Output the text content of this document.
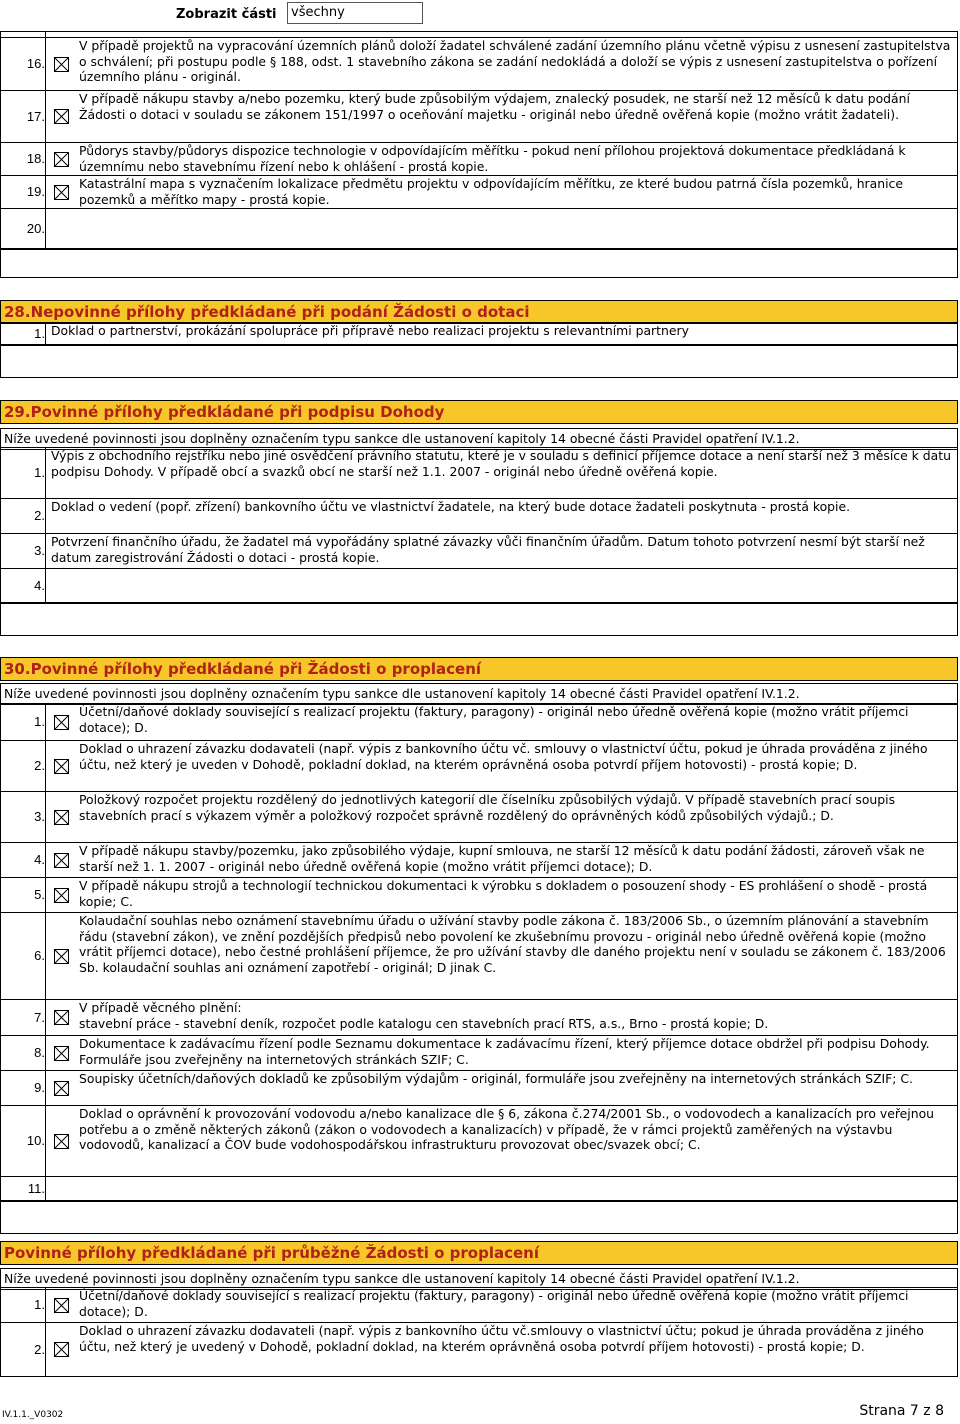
Zobrazit části	všechny
16.
V případě projektů na vypracování územních plánů doloží žadatel schválené zadání územního plánu včetně výpisu z usnesení zastupitelstva o schválení; při postupu podle § 188, odst. 1 stavebního zákona se zadání nedokládá a doloží se výpis z usnesení zastupitelstva o pořízení územního plánu - originál.
17.
V případě nákupu stavby a/nebo pozemku, který bude způsobilým výdajem, znalecký posudek, ne starší než 12 měsíců k datu podání Žádosti o dotaci v souladu se zákonem 151/1997 o oceňování majetku - originál nebo úředně ověřená kopie (možno vrátit žadateli).
18.
Půdorys stavby/půdorys dispozice technologie v odpovídajícím měřítku - pokud není přílohou projektová dokumentace předkládaná k územnímu nebo stavebnímu řízení nebo k ohlášení - prostá kopie.
19.
Katastrální mapa s vyznačením lokalizace předmětu projektu v odpovídajícím měřítku, ze které budou patrná čísla pozemků, hranice pozemků a měřítko mapy - prostá kopie.
20.
28.Nepovinné přílohy předkládané při podání Žádosti o dotaci
1. Doklad o partnerství, prokázání spolupráce při přípravě nebo realizaci projektu s relevantními partnery
29.Povinné přílohy předkládané při podpisu Dohody
Níže uvedené povinnosti jsou doplněny označením typu sankce dle ustanovení kapitoly 14 obecné části Pravidel opatření IV.1.2.
1.
Výpis z obchodního rejstříku nebo jiné osvědčení právního statutu, které je v souladu s definicí příjemce dotace a není starší než 3 měsíce k datu podpisu Dohody. V případě obcí a svazků obcí ne starší než 1.1. 2007 - originál nebo úředně ověřená kopie.
2.
Doklad o vedení (popř. zřízení) bankovního účtu ve vlastnictví žadatele, na který bude dotace žadateli poskytnuta - prostá kopie.
3.
Potvrzení finančního úřadu, že žadatel má vypořádány splatné závazky vůči finančním úřadům. Datum tohoto potvrzení nesmí být starší než datum zaregistrování Žádosti o dotaci - prostá kopie.
4.
30.Povinné přílohy předkládané při Žádosti o proplacení
Níže uvedené povinnosti jsou doplněny označením typu sankce dle ustanovení kapitoly 14 obecné části Pravidel opatření IV.1.2.
1.
Účetní/daňové doklady související s realizací projektu (faktury, paragony) - originál nebo úředně ověřená kopie (možno vrátit příjemci dotace); D.
2.
Doklad o uhrazení závazku dodavateli (např. výpis z bankovního účtu vč. smlouvy o vlastnictví účtu, pokud je úhrada prováděna z jiného účtu, než který je uveden v Dohodě, pokladní doklad, na kterém oprávněná osoba potvrdí příjem hotovosti) - prostá kopie; D.
3.
Položkový rozpočet projektu rozdělený do jednotlivých kategorií dle číselníku způsobilých výdajů. V případě stavebních prací soupis stavebních prací s výkazem výměr a položkový rozpočet správně rozdělený do oprávněných kódů způsobilých výdajů.; D.
4.
V případě nákupu stavby/pozemku, jako způsobilého výdaje, kupní smlouva, ne starší 12 měsíců k datu podání žádosti, zároveň však ne starší než 1. 1. 2007 - originál nebo úředně ověřená kopie (možno vrátit příjemci dotace); D.
5.
V případě nákupu strojů a technologií technickou dokumentaci k výrobku s dokladem o posouzení shody - ES prohlášení o shodě - prostá kopie; C.
6.
Kolaudační souhlas nebo oznámení stavebnímu úřadu o užívání stavby podle zákona č. 183/2006 Sb., o územním plánování a stavebním řádu (stavební zákon), ve znění pozdějších předpisů nebo povolení ke zkušebnímu provozu - originál nebo úředně ověřená kopie (možno vrátit příjemci dotace), nebo čestné prohlášení příjemce, že pro užívání stavby dle daného projektu není v souladu se zákonem č. 183/2006 Sb. kolaudační souhlas ani oznámení zapotřebí - originál; D jinak C.
7.
V případě věcného plnění:
stavební práce - stavební deník, rozpočet podle katalogu cen stavebních prací RTS, a.s., Brno - prostá kopie; D.
8.
Dokumentace k zadávacímu řízení podle Seznamu dokumentace k zadávacímu řízení, který příjemce dotace obdržel při podpisu Dohody. Formuláře jsou zveřejněny na internetových stránkách SZIF; C.
9.
Soupisky účetních/daňových dokladů ke způsobilým výdajům - originál, formuláře jsou zveřejněny na internetových stránkách SZIF; C.
10.
Doklad o oprávnění k provozování vodovodu a/nebo kanalizace dle § 6, zákona č.274/2001 Sb., o vodovodech a kanalizacích pro veřejnou potřebu a o změně některých zákonů (zákon o vodovodech a kanalizacích) v případě, že v rámci projektů zaměřených na výstavbu vodovodů, kanalizací a ČOV bude vodohospodářskou infrastrukturu provozovat obec/svazek obcí; C.
11.
Povinné přílohy předkládané při průběžné Žádosti o proplacení
Níže uvedené povinnosti jsou doplněny označením typu sankce dle ustanovení kapitoly 14 obecné části Pravidel opatření IV.1.2.
1.
Účetní/daňové doklady související s realizací projektu (faktury, paragony) - originál nebo úředně ověřená kopie (možno vrátit příjemci dotace); D.
2.
Doklad o uhrazení závazku dodavateli (např. výpis z bankovního účtu vč.smlouvy o vlastnictví účtu; pokud je úhrada prováděna z jiného účtu, než který je uvedený v Dohodě, pokladní doklad, na kterém oprávněná osoba potvrdí příjem hotovosti) - prostá kopie; D.
IV.1.1._V0302	Strana 7 z 8
